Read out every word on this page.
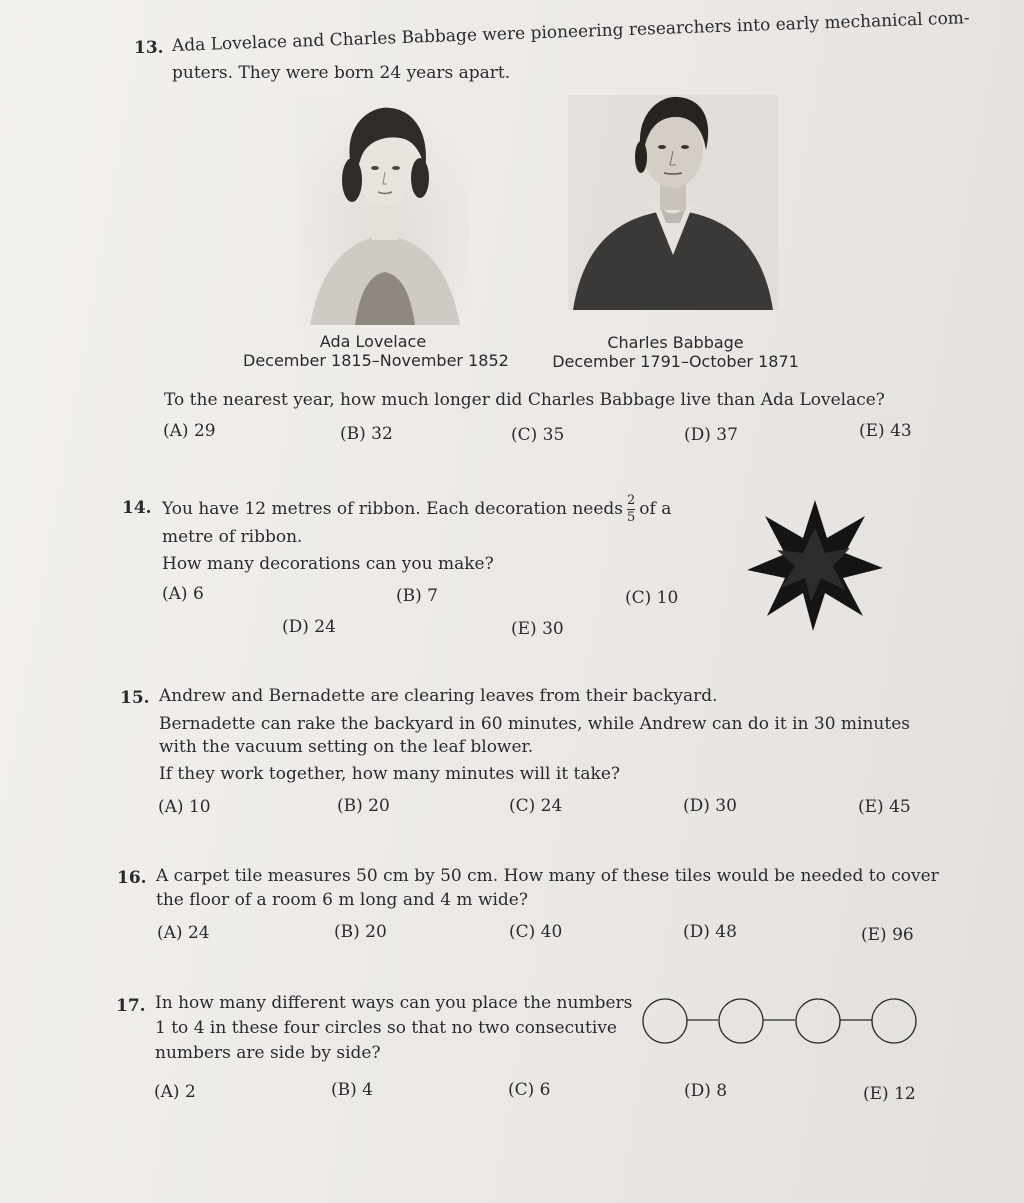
13. Ada Lovelace and Charles Babbage were pioneering researchers into early mechanical com-
puters. They were born 24 years apart.
Ada Lovelace
December 1815–November 1852
Charles Babbage
December 1791–October 1871
To the nearest year, how much longer did Charles Babbage live than Ada Lovelace?
(A) 29	(B) 32	(C) 35	(D) 37	(E) 43
14. You have 12 metres of ribbon. Each decoration needs $\frac{2}{5}$ of a
metre of ribbon.
How many decorations can you make?
(A) 6	(B) 7	(C) 10
(D) 24	(E) 30
15. Andrew and Bernadette are clearing leaves from their backyard.
Bernadette can rake the backyard in 60 minutes, while Andrew can do it in 30 minutes
with the vacuum setting on the leaf blower.
If they work together, how many minutes will it take?
(A) 10	(B) 20	(C) 24	(D) 30	(E) 45
16. A carpet tile measures 50 cm by 50 cm. How many of these tiles would be needed to cover
the floor of a room 6 m long and 4 m wide?
(A) 24	(B) 20	(C) 40	(D) 48	(E) 96
17. In how many different ways can you place the numbers
1 to 4 in these four circles so that no two consecutive
numbers are side by side?
(A) 2	(B) 4	(C) 6	(D) 8	(E) 12
